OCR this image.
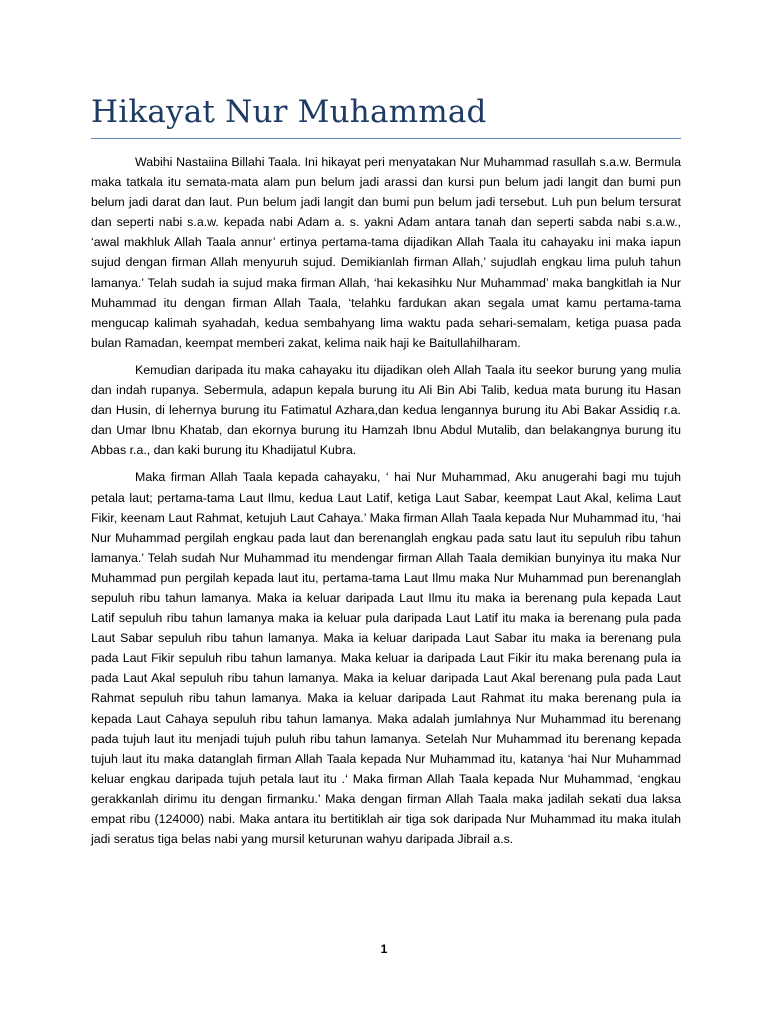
Hikayat Nur Muhammad

Wabihi Nastaiina Billahi Taala. Ini hikayat peri menyatakan Nur Muhammad rasullah s.a.w. Bermula maka tatkala itu semata-mata alam pun belum jadi arassi dan kursi pun belum jadi langit dan bumi pun belum jadi darat dan laut. Pun belum jadi langit dan bumi pun belum jadi tersebut. Luh pun belum tersurat dan seperti nabi s.a.w. kepada nabi Adam a. s. yakni Adam antara tanah dan seperti sabda nabi s.a.w., ‘awal makhluk Allah Taala annur’ ertinya pertama-tama dijadikan Allah Taala itu cahayaku ini maka iapun sujud dengan firman Allah menyuruh sujud. Demikianlah firman Allah,’ sujudlah engkau lima puluh tahun lamanya.’ Telah sudah ia sujud maka firman Allah, ‘hai kekasihku Nur Muhammad’ maka bangkitlah ia Nur Muhammad itu dengan firman Allah Taala, ‘telahku fardukan akan segala umat kamu pertama-tama mengucap kalimah syahadah, kedua sembahyang lima waktu pada sehari-semalam, ketiga puasa pada bulan Ramadan, keempat memberi zakat, kelima naik haji ke Baitullahilharam.

Kemudian daripada itu maka cahayaku itu dijadikan oleh Allah Taala itu seekor burung yang mulia dan indah rupanya. Sebermula, adapun kepala burung itu Ali Bin Abi Talib, kedua mata burung itu Hasan dan Husin, di lehernya burung itu Fatimatul Azhara,dan kedua lengannya burung itu Abi Bakar Assidiq r.a. dan Umar Ibnu Khatab, dan ekornya burung itu Hamzah Ibnu Abdul Mutalib, dan belakangnya burung itu Abbas r.a., dan kaki burung itu Khadijatul Kubra.

Maka firman Allah Taala kepada cahayaku, ‘ hai Nur Muhammad, Aku anugerahi bagi mu tujuh petala laut; pertama-tama Laut Ilmu, kedua Laut Latif, ketiga Laut Sabar, keempat Laut Akal, kelima Laut Fikir, keenam Laut Rahmat, ketujuh Laut Cahaya.’ Maka firman Allah Taala kepada Nur Muhammad itu, ‘hai Nur Muhammad pergilah engkau pada laut dan berenanglah engkau pada satu laut itu sepuluh ribu tahun lamanya.’ Telah sudah Nur Muhammad itu mendengar firman Allah Taala demikian bunyinya itu maka Nur Muhammad pun pergilah kepada laut itu, pertama-tama Laut Ilmu maka Nur Muhammad pun berenanglah sepuluh ribu tahun lamanya. Maka ia keluar daripada Laut Ilmu itu maka ia berenang pula kepada Laut Latif sepuluh ribu tahun lamanya maka ia keluar pula daripada Laut Latif itu maka ia berenang pula pada Laut Sabar sepuluh ribu tahun lamanya. Maka ia keluar daripada Laut Sabar itu maka ia berenang pula pada Laut Fikir sepuluh ribu tahun lamanya. Maka keluar ia daripada Laut Fikir itu maka berenang pula ia pada Laut Akal sepuluh ribu tahun lamanya. Maka ia keluar daripada Laut Akal berenang pula pada Laut Rahmat sepuluh ribu tahun lamanya. Maka ia keluar daripada Laut Rahmat itu maka berenang pula ia kepada Laut Cahaya sepuluh ribu tahun lamanya. Maka adalah jumlahnya Nur Muhammad itu berenang pada tujuh laut itu menjadi tujuh puluh ribu tahun lamanya. Setelah Nur Muhammad itu berenang kepada tujuh laut itu maka datanglah firman Allah Taala kepada Nur Muhammad itu, katanya ‘hai Nur Muhammad keluar engkau daripada tujuh petala laut itu .‘ Maka firman Allah Taala kepada Nur Muhammad, ‘engkau gerakkanlah dirimu itu dengan firmanku.’ Maka dengan firman Allah Taala maka jadilah sekati dua laksa empat ribu (124000) nabi. Maka antara itu bertitiklah air tiga sok daripada Nur Muhammad itu maka itulah jadi seratus tiga belas nabi yang mursil keturunan wahyu daripada Jibrail a.s.

1
